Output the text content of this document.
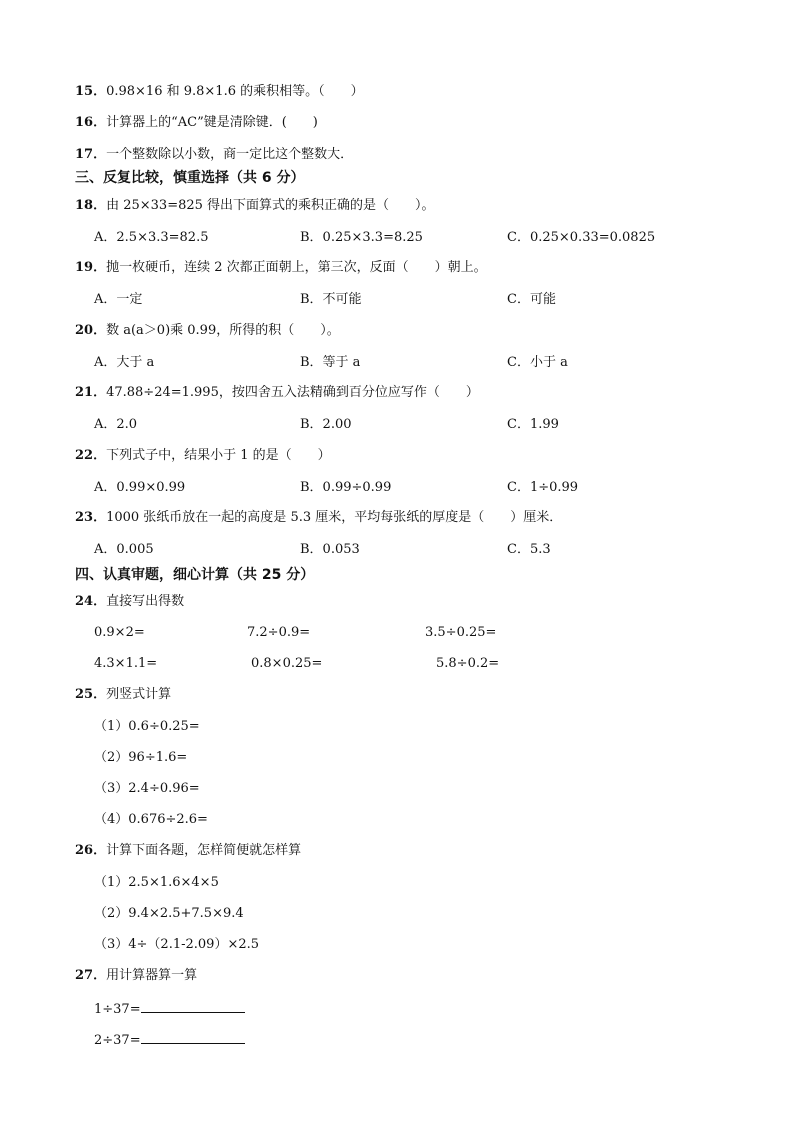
15．0.98×16 和 9.8×1.6 的乘积相等。（　　）
16．计算器上的“AC”键是清除键．(　　)
17．一个整数除以小数，商一定比这个整数大．
三、反复比较，慎重选择（共 6 分）
18．由 25×33=825 得出下面算式的乘积正确的是（　　）。
A．2.5×3.3=82.5	B．0.25×3.3=8.25	C．0.25×0.33=0.0825
19．抛一枚硬币，连续 2 次都正面朝上，第三次，反面（　　）朝上。
A．一定	B．不可能	C．可能
20．数 a(a＞0)乘 0.99，所得的积（　　）。
A．大于 a	B．等于 a	C．小于 a
21．47.88÷24=1.995，按四舍五入法精确到百分位应写作（　　）
A．2.0	B．2.00	C．1.99
22．下列式子中，结果小于 1 的是（　　）
A．0.99×0.99	B．0.99÷0.99	C．1÷0.99
23．1000 张纸币放在一起的高度是 5.3 厘米，平均每张纸的厚度是（　　）厘米．
A．0.005	B．0.053	C．5.3
四、认真审题，细心计算（共 25 分）
24．直接写出得数
0.9×2=	7.2÷0.9=	3.5÷0.25=
4.3×1.1=	0.8×0.25=	5.8÷0.2=
25．列竖式计算
（1）0.6÷0.25=
（2）96÷1.6=
（3）2.4÷0.96=
（4）0.676÷2.6=
26．计算下面各题，怎样简便就怎样算
（1）2.5×1.6×4×5
（2）9.4×2.5+7.5×9.4
（3）4÷（2.1-2.09）×2.5
27．用计算器算一算
1÷37=
2÷37=
